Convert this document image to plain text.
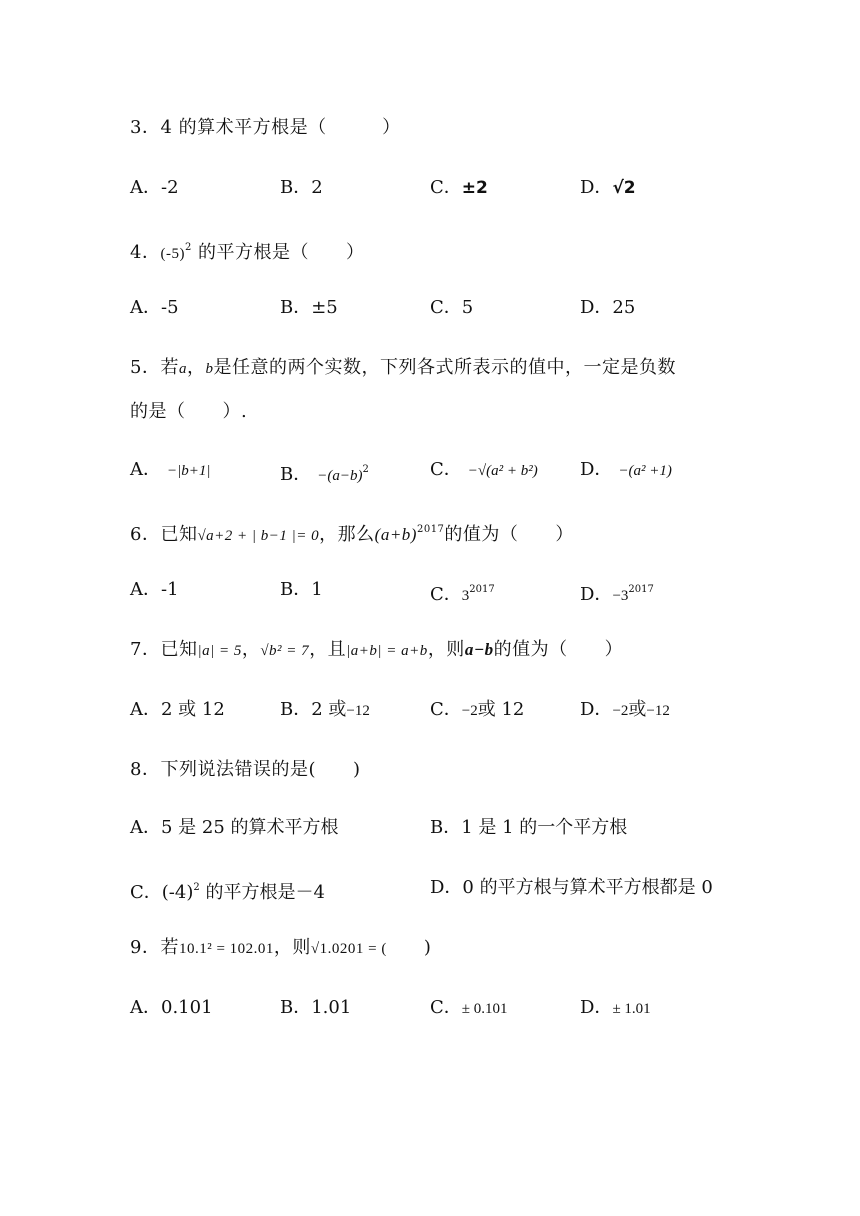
3．4 的算术平方根是（　　　）
A．-2	B．2	C．±2	D．√2
4．$(-5)^2$ 的平方根是（　　）
A．-5	B．±5	C．5	D．25
5．若a，b是任意的两个实数，下列各式所表示的值中，一定是负数
的是（　　）.
A． −|b+1|	B． $-(a-b)^2$	C． −√(a² + b²) D． −(a² +1)
6．已知√a+2 + | b−1 |= 0，那么$(a+b)^{2017}$的值为（　　）
A．-1	B．1	C．$3^{2017}$	D．$-3^{2017}$
7．已知|a| = 5，√b² = 7，且|a+b| = a+b，则a−b的值为（　　）
A．2 或 12	B．2 或−12	C．−2或 12	D．−2或−12
8．下列说法错误的是(　　)
A．5 是 25 的算术平方根	B．1 是 1 的一个平方根
C．$(-4)^2$ 的平方根是－4	D．0 的平方根与算术平方根都是 0
9．若10.1² = 102.01，则√1.0201 = (　　)
A．0.101	B．1.01	C．± 0.101	D．± 1.01
